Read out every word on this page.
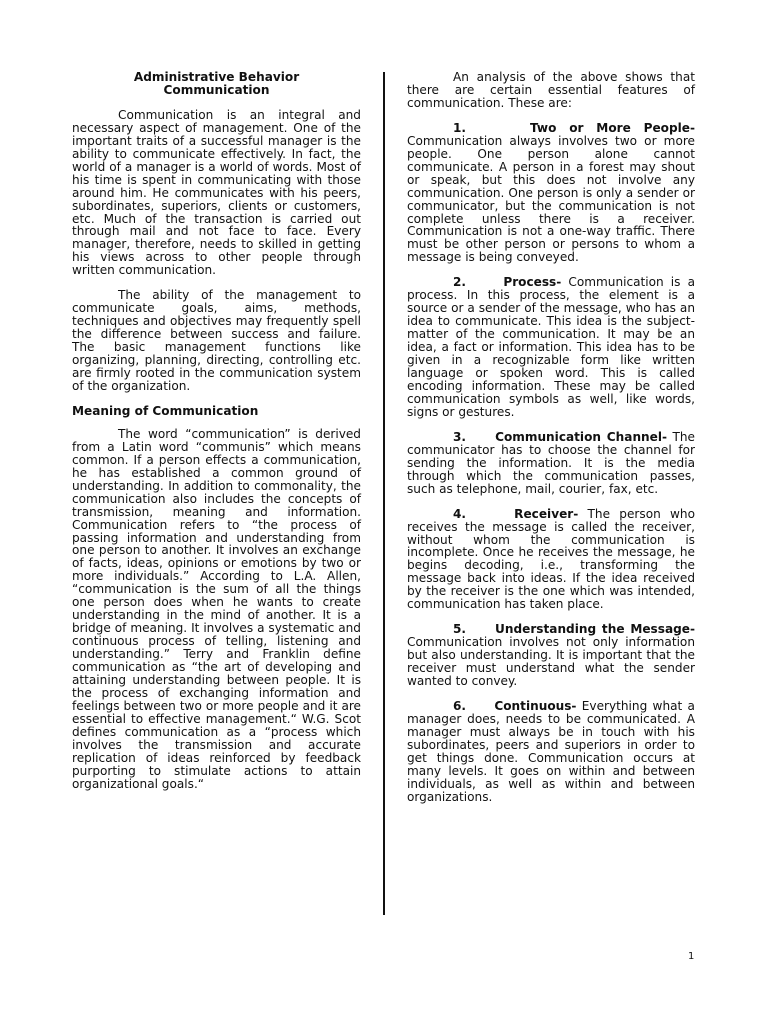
Administrative Behavior
Communication

Communication is an integral and necessary aspect of management. One of the important traits of a successful manager is the ability to communicate effectively. In fact, the world of a manager is a world of words. Most of his time is spent in communicating with those around him. He communicates with his peers, subordinates, superiors, clients or customers, etc. Much of the transaction is carried out through mail and not face to face. Every manager, therefore, needs to skilled in getting his views across to other people through written communication.

The ability of the management to communicate goals, aims, methods, techniques and objectives may frequently spell the difference between success and failure. The basic management functions like organizing, planning, directing, controlling etc. are firmly rooted in the communication system of the organization.

Meaning of Communication

The word “communication” is derived from a Latin word “communis” which means common. If a person effects a communication, he has established a common ground of understanding. In addition to commonality, the communication also includes the concepts of transmission, meaning and information. Communication refers to “the process of passing information and understanding from one person to another. It involves an exchange of facts, ideas, opinions or emotions by two or more individuals.” According to L.A. Allen, “communication is the sum of all the things one person does when he wants to create understanding in the mind of another. It is a bridge of meaning. It involves a systematic and continuous process of telling, listening and understanding.” Terry and Franklin define communication as “the art of developing and attaining understanding between people. It is the process of exchanging information and feelings between two or more people and it are essential to effective management.“ W.G. Scot defines communication as a “process which involves the transmission and accurate replication of ideas reinforced by feedback purporting to stimulate actions to attain organizational goals.“

An analysis of the above shows that there are certain essential features of communication. These are:

1.	Two or More People- Communication always involves two or more people. One person alone cannot communicate. A person in a forest may shout or speak, but this does not involve any communication. One person is only a sender or communicator, but the communication is not complete unless there is a receiver. Communication is not a one-way traffic. There must be other person or persons to whom a message is being conveyed.

2.	Process- Communication is a process. In this process, the element is a source or a sender of the message, who has an idea to communicate. This idea is the subject-matter of the communication. It may be an idea, a fact or information. This idea has to be given in a recognizable form like written language or spoken word. This is called encoding information. These may be called communication symbols as well, like words, signs or gestures.

3. Communication Channel- The communicator has to choose the channel for sending the information. It is the media through which the communication passes, such as telephone, mail, courier, fax, etc.

4.	Receiver- The person who receives the message is called the receiver, without whom the communication is incomplete. Once he receives the message, he begins decoding, i.e., transforming the message back into ideas. If the idea received by the receiver is the one which was intended, communication has taken place.

5. Understanding the Message- Communication involves not only information but also understanding. It is important that the receiver must understand what the sender wanted to convey.

6. Continuous- Everything what a manager does, needs to be communicated. A manager must always be in touch with his subordinates, peers and superiors in order to get things done. Communication occurs at many levels. It goes on within and between individuals, as well as within and between organizations.

1
